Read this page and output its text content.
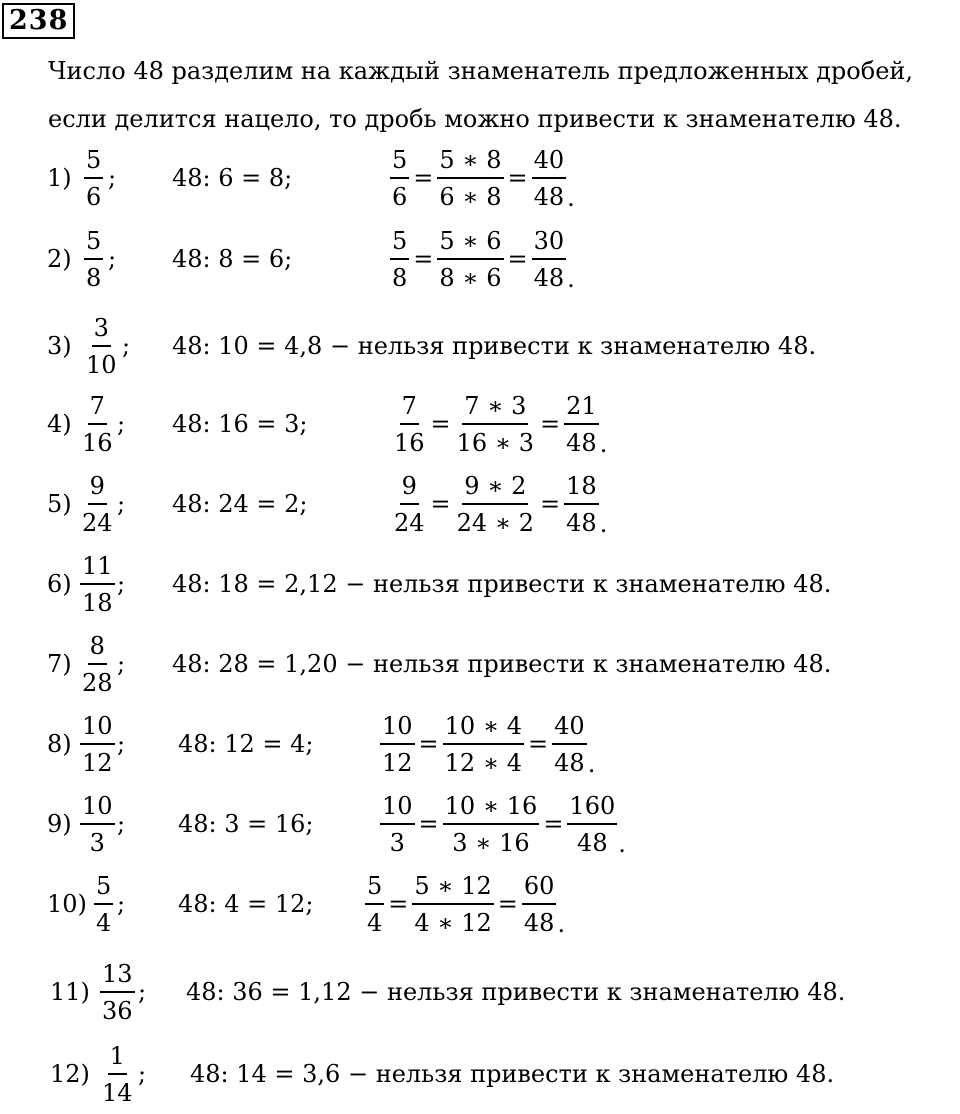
238
Число 48 разделим на каждый знаменатель предложенных дробей,
если делится нацело, то дробь можно привести к знаменателю 48.
$1) \frac{5}{6}$ ; 48: 6 = 8;	$\frac{5}{6} = \frac{5 ∗ 8}{6 ∗ 8} = \frac{40}{48}$ .
$2) \frac{5}{8}$ ; 48: 8 = 6;	$\frac{5}{8} = \frac{5 ∗ 6}{8 ∗ 6} = \frac{30}{48}$ .
$3) \frac{3}{10}$ ; 48: 10 = 4,8 − нельзя привести к знаменателю 48.
$4) \frac{7}{16}$ ; 48: 16 = 3;	$\frac{7}{16} = \frac{7 ∗ 3}{16 ∗ 3} = \frac{21}{48}$ .
$5) \frac{9}{24}$ ; 48: 24 = 2;	$\frac{9}{24} = \frac{9 ∗ 2}{24 ∗ 2} = \frac{18}{48}$ .
$6) \frac{11}{18}$ ; 48: 18 = 2,12 − нельзя привести к знаменателю 48.
$7) \frac{8}{28}$ ; 48: 28 = 1,20 − нельзя привести к знаменателю 48.
$8) \frac{10}{12}$ ; 48: 12 = 4;	$\frac{10}{12} = \frac{10 ∗ 4}{12 ∗ 4} = \frac{40}{48}$ .
$9) \frac{10}{3}$ ; 48: 3 = 16;	$\frac{10}{3} = \frac{10 ∗ 16}{3 ∗ 16} = \frac{160}{48}$ .
$10) \frac{5}{4}$ ; 48: 4 = 12; $\frac{5}{4} = \frac{5 ∗ 12}{4 ∗ 12} = \frac{60}{48}$ .
$11) \frac{13}{36}$ ; 48: 36 = 1,12 − нельзя привести к знаменателю 48.
$12) \frac{1}{14}$ ; 48: 14 = 3,6 − нельзя привести к знаменателю 48.
